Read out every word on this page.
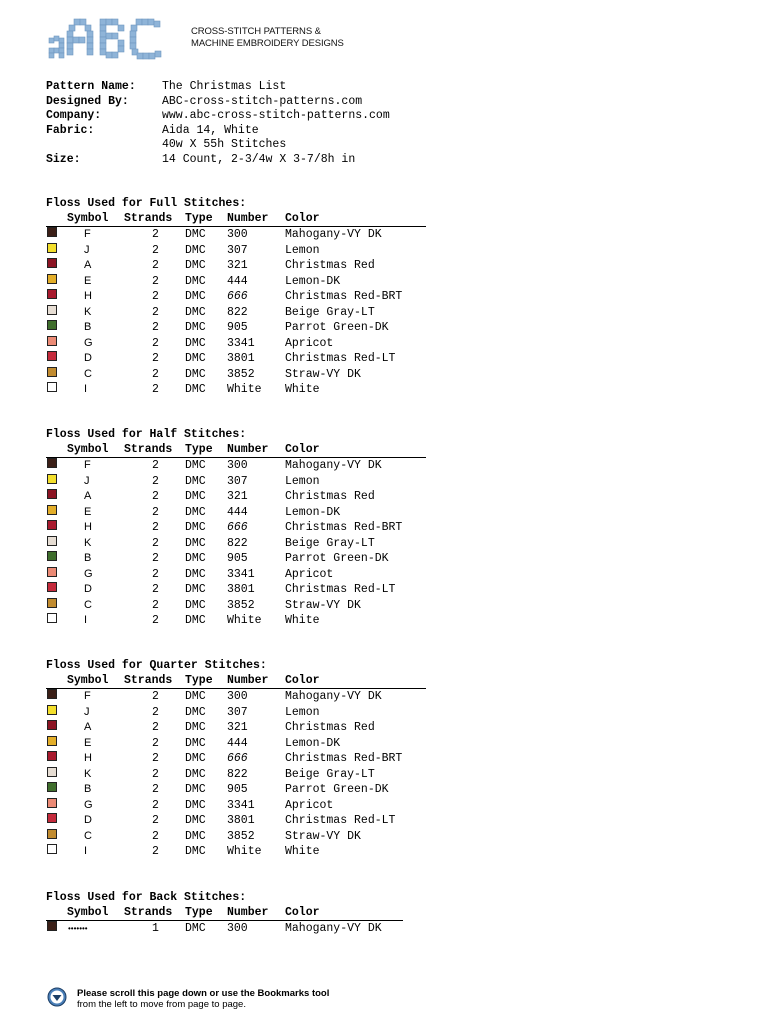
CROSS-STITCH PATTERNS &
MACHINE EMBROIDERY DESIGNS
Pattern Name: The Christmas List
Designed By:	ABC-cross-stitch-patterns.com
Company:	www.abc-cross-stitch-patterns.com
Fabric:	Aida 14, White
40w X 55h Stitches
Size:	14 Count, 2-3/4w X 3-7/8h in
Floss Used for Full Stitches:
Symbol Strands Type Number Color
F	2 DMC 300	Mahogany-VY DK
J	2 DMC 307	Lemon
A	2 DMC 321	Christmas Red
E	2 DMC 444	Lemon-DK
H	2 DMC 666	Christmas Red-BRT
K	2 DMC 822	Beige Gray-LT
B	2 DMC 905	Parrot Green-DK
G	2 DMC 3341	Apricot
D	2 DMC 3801	Christmas Red-LT
C	2 DMC 3852	Straw-VY DK
I	2 DMC White White
Floss Used for Half Stitches:
Symbol Strands Type Number Color
F	2 DMC 300	Mahogany-VY DK
J	2 DMC 307	Lemon
A	2 DMC 321	Christmas Red
E	2 DMC 444	Lemon-DK
H	2 DMC 666	Christmas Red-BRT
K	2 DMC 822	Beige Gray-LT
B	2 DMC 905	Parrot Green-DK
G	2 DMC 3341	Apricot
D	2 DMC 3801	Christmas Red-LT
C	2 DMC 3852	Straw-VY DK
I	2 DMC White White
Floss Used for Quarter Stitches:
Symbol Strands Type Number Color
F	2 DMC 300	Mahogany-VY DK
J	2 DMC 307	Lemon
A	2 DMC 321	Christmas Red
E	2 DMC 444	Lemon-DK
H	2 DMC 666	Christmas Red-BRT
K	2 DMC 822	Beige Gray-LT
B	2 DMC 905	Parrot Green-DK
G	2 DMC 3341	Apricot
D	2 DMC 3801	Christmas Red-LT
C	2 DMC 3852	Straw-VY DK
I	2 DMC White White
Floss Used for Back Stitches:
Symbol Strands Type Number Color
•••••••	1 DMC 300	Mahogany-VY DK
Please scroll this page down or use the Bookmarks tool
from the left to move from page to page.
